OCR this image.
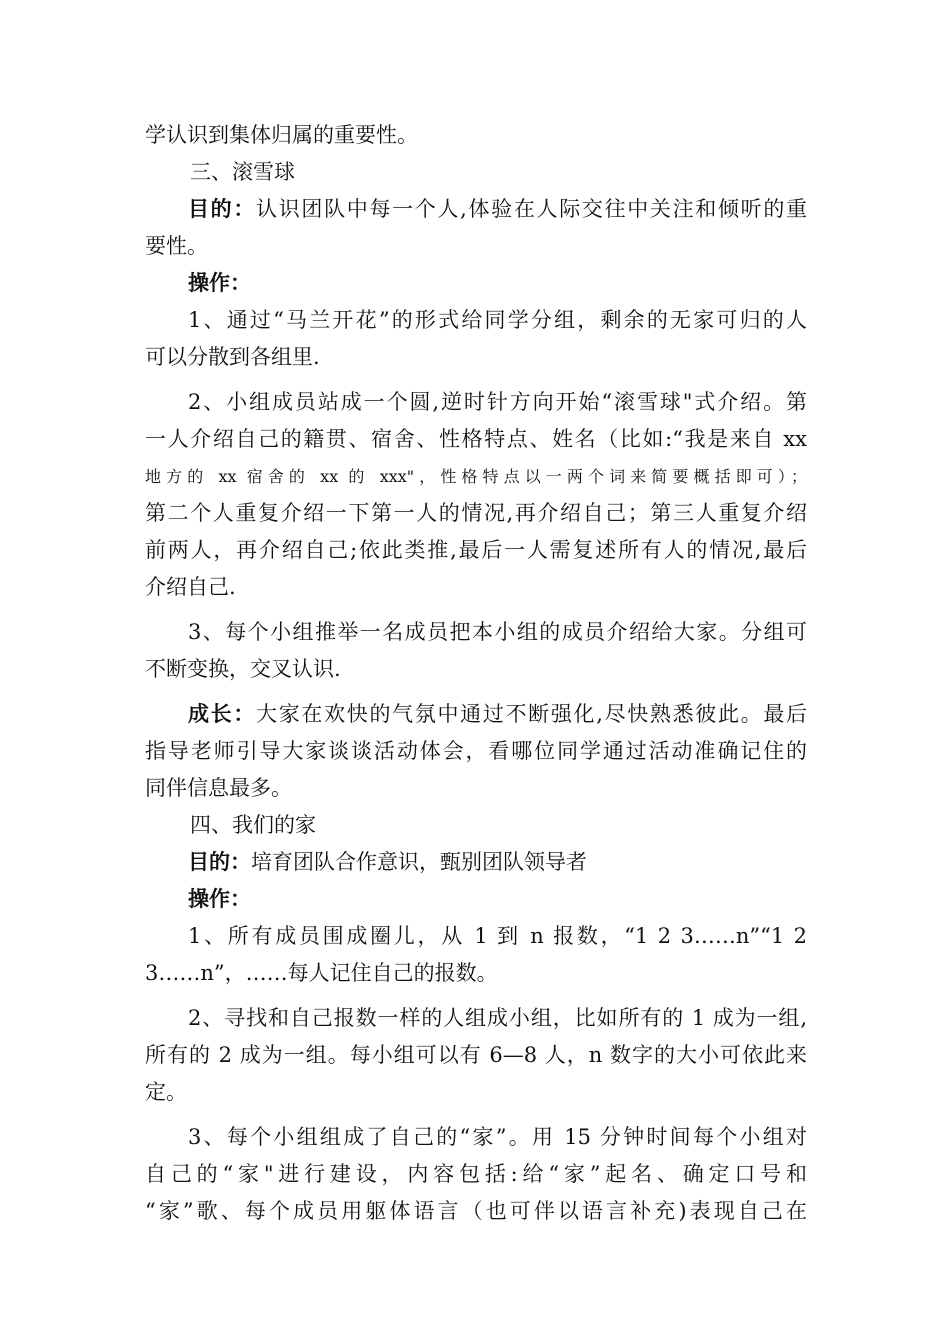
学认识到集体归属的重要性。
三、滚雪球
目的：认识团队中每一个人,体验在人际交往中关注和倾听的重
要性。
操作：
1、通过“马兰开花”的形式给同学分组，剩余的无家可归的人
可以分散到各组里.
2、小组成员站成一个圆,逆时针方向开始“滚雪球"式介绍。第
一人介绍自己的籍贯、宿舍、性格特点、姓名（比如:“我是来自 xx
地方的 xx 宿舍的 xx 的 xxx"，性格特点以一两个词来简要概括即可）；
第二个人重复介绍一下第一人的情况,再介绍自己；第三人重复介绍
前两人，再介绍自己;依此类推,最后一人需复述所有人的情况,最后
介绍自己.
3、每个小组推举一名成员把本小组的成员介绍给大家。分组可
不断变换，交叉认识.
成长：大家在欢快的气氛中通过不断强化,尽快熟悉彼此。最后
指导老师引导大家谈谈活动体会，看哪位同学通过活动准确记住的
同伴信息最多。
四、我们的家
目的：培育团队合作意识，甄别团队领导者
操作：
1、所有成员围成圈儿，从 1 到 n 报数，“1 2 3……n”“1 2
3……n”，……每人记住自己的报数。
2、寻找和自己报数一样的人组成小组，比如所有的 1 成为一组,
所有的 2 成为一组。每小组可以有 6—8 人，n 数字的大小可依此来
定。
3、每个小组组成了自己的“家”。用 15 分钟时间每个小组对
自己的“家"进行建设，内容包括:给“家”起名、确定口号和
“家”歌、每个成员用躯体语言（也可伴以语言补充)表现自己在
